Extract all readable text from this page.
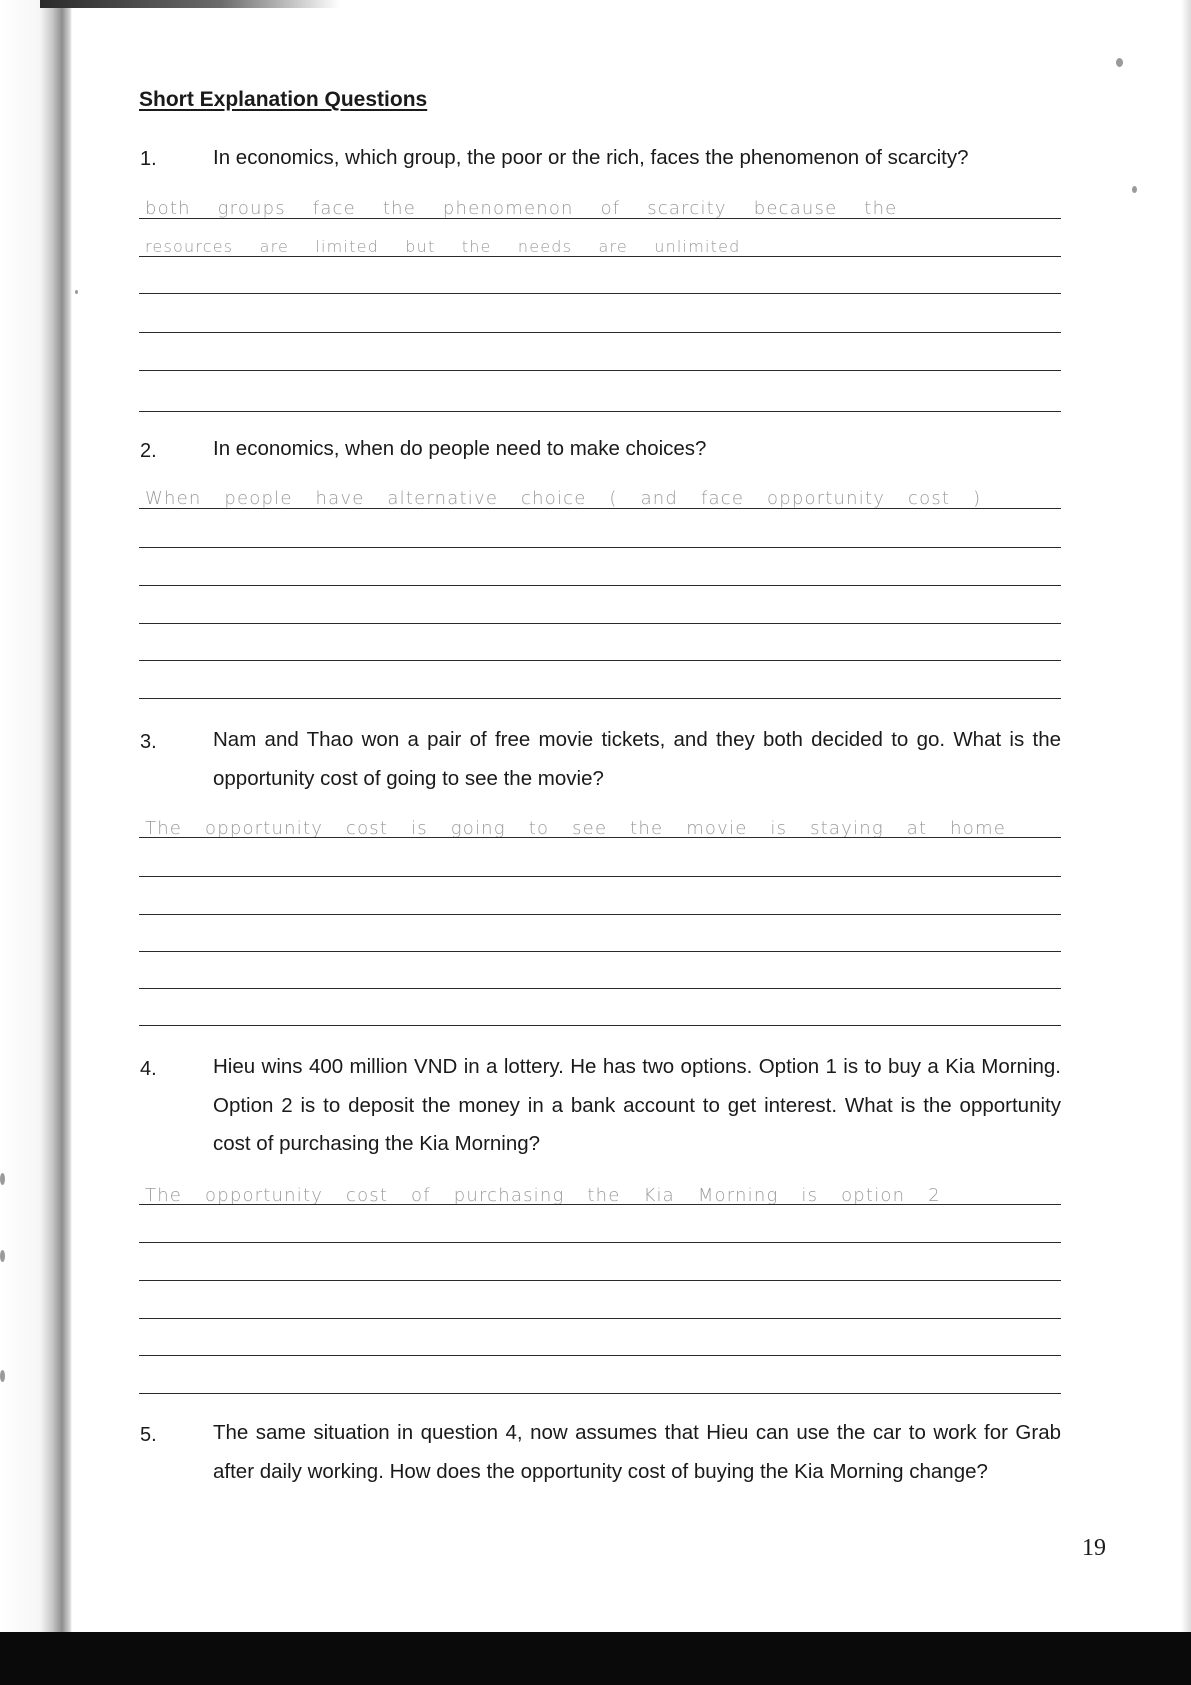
Short Explanation Questions
1.	In economics, which group, the poor or the rich, faces the phenomenon of scarcity?

both groups face the phenomenon of scarcity because the
resources are limited but the needs are unlimited
2.	In economics, when do people need to make choices?

When people have alternative choice ( and face opportunity cost )
3.	Nam and Thao won a pair of free movie tickets, and they both decided to go. What is the opportunity cost of going to see the movie?

The opportunity cost is going to see the movie is staying at home
4.	Hieu wins 400 million VND in a lottery. He has two options. Option 1 is to buy a Kia Morning. Option 2 is to deposit the money in a bank account to get interest. What is the opportunity cost of purchasing the Kia Morning?

The opportunity cost of purchasing the Kia Morning is option 2
5.	The same situation in question 4, now assumes that Hieu can use the car to work for Grab after daily working. How does the opportunity cost of buying the Kia Morning change?

19
